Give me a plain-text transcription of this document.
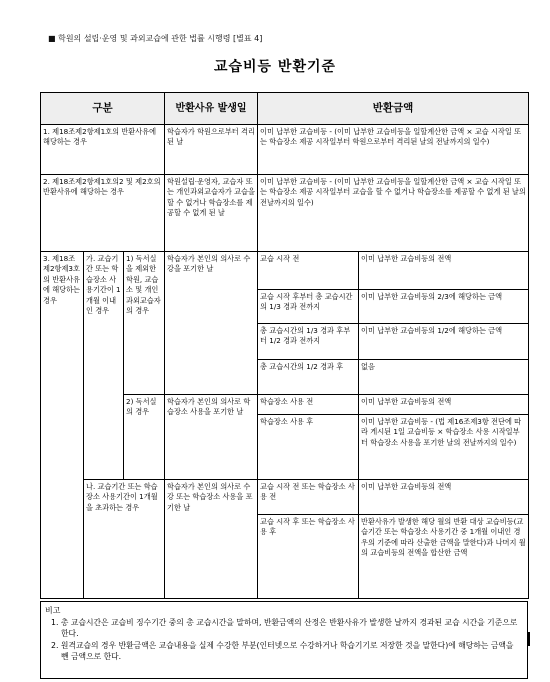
■ 학원의 설립·운영 및 과외교습에 관한 법률 시행령 [별표 4]
교습비등 반환기준
구분			반환사유 발생일	반환금액	
1. 제18조제2항제1호의 반환사유에 해당하는 경우			학습자가 학원으로부터 격리된 날	이미 납부한 교습비등 - (이미 납부한 교습비등을 일할계산한 금액 × 교습 시작일 또는 학습장소 제공 시작일부터 학원으로부터 격리된 날의 전날까지의 일수)	
2. 제18조제2항제1호의2 및 제2호의 반환사유에 해당하는 경우			학원설립·운영자, 교습자 또는 개인과외교습자가 교습을 할 수 없거나 학습장소를 제공할 수 없게 된 날	이미 납부한 교습비등 - (이미 납부한 교습비등을 일할계산한 금액 × 교습 시작일 또는 학습장소 제공 시작일부터 교습을 할 수 없거나 학습장소를 제공할 수 없게 된 날의 전날까지의 일수)	
3. 제18조제2항제3호의 반환사유에 해당하는 경우	가. 교습기간 또는 학습장소 사용기간이 1개월 이내인 경우	1) 독서실을 제외한 학원, 교습소 및 개인과외교습자의 경우	학습자가 본인의 의사로 수강을 포기한 날	교습 시작 전	이미 납부한 교습비등의 전액
				교습 시작 후부터 총 교습시간의 1/3 경과 전까지	이미 납부한 교습비등의 2/3에 해당하는 금액
				총 교습시간의 1/3 경과 후부터 1/2 경과 전까지	이미 납부한 교습비등의 1/2에 해당하는 금액
				총 교습시간의 1/2 경과 후	없음
		2) 독서실의 경우	학습자가 본인의 의사로 학습장소 사용을 포기한 날	학습장소 사용 전	이미 납부한 교습비등의 전액
				학습장소 사용 후	이미 납부한 교습비등 - (법 제16조제3항 전단에 따라 게시된 1일 교습비등 × 학습장소 사용 시작일부터 학습장소 사용을 포기한 날의 전날까지의 일수)
	나. 교습기간 또는 학습장소 사용기간이 1개월을 초과하는 경우		학습자가 본인의 의사로 수강 또는 학습장소 사용을 포기한 날	교습 시작 전 또는 학습장소 사용 전	이미 납부한 교습비등의 전액
				교습 시작 후 또는 학습장소 사용 후	반환사유가 발생한 해당 월의 반환 대상 교습비등(교습기간 또는 학습장소 사용기간 중 1개월 이내인 경우의 기준에 따라 산출한 금액을 말한다)과 나머지 월의 교습비등의 전액을 합산한 금액
비고
1. 총 교습시간은 교습비 징수기간 중의 총 교습시간을 말하며, 반환금액의 산정은 반환사유가 발생한 날까지 경과된 교습 시간을 기준으로 한다.
2. 원격교습의 경우 반환금액은 교습내용을 실제 수강한 부분(인터넷으로 수강하거나 학습기기로 저장한 것을 말한다)에 해당하는 금액을 뺀 금액으로 한다.
